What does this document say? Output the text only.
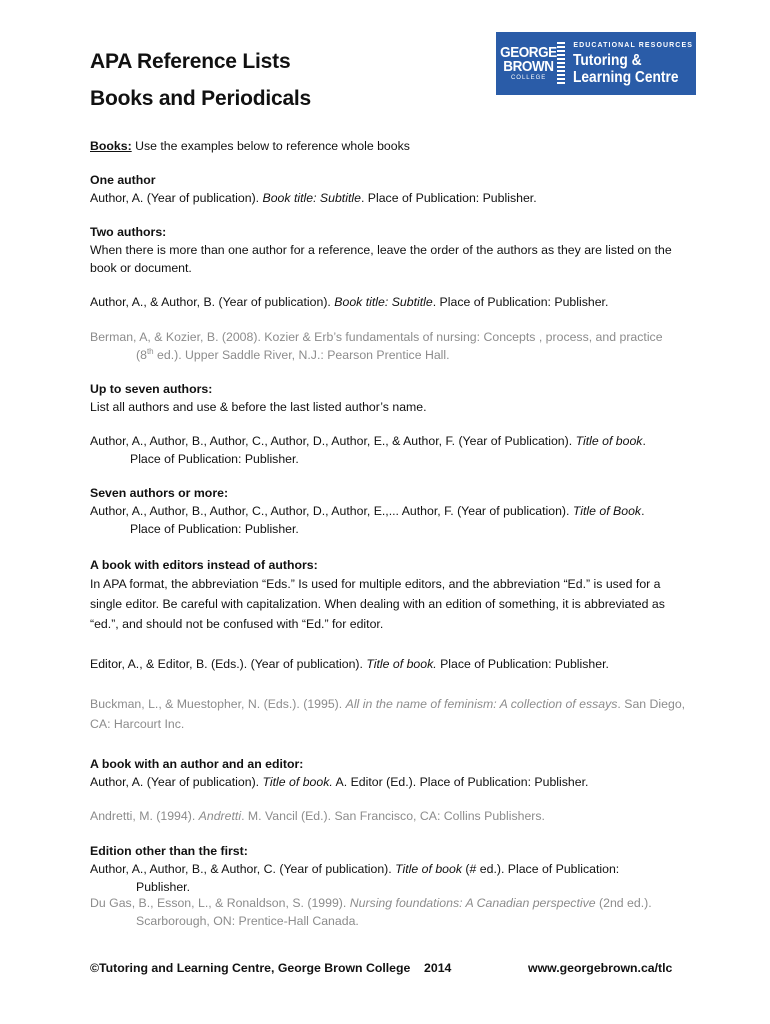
APA Reference Lists
Books and Periodicals
GEORGE
BROWN
COLLEGE
EDUCATIONAL RESOURCES
Tutoring &
Learning Centre

Books: Use the examples below to reference whole books

One author

Author, A. (Year of publication). Book title: Subtitle. Place of Publication: Publisher.

Two authors:

When there is more than one author for a reference, leave the order of the authors as they are listed on the book or document.

Author, A., & Author, B. (Year of publication). Book title: Subtitle. Place of Publication: Publisher.

Berman, A, & Kozier, B. (2008). Kozier & Erb’s fundamentals of nursing: Concepts , process, and practice

(8th ed.). Upper Saddle River, N.J.: Pearson Prentice Hall.

Up to seven authors:

List all authors and use & before the last listed author’s name.

Author, A., Author, B., Author, C., Author, D., Author, E., & Author, F. (Year of Publication). Title of book.

Place of Publication: Publisher.

Seven authors or more:

Author, A., Author, B., Author, C., Author, D., Author, E.,... Author, F. (Year of publication). Title of Book.

Place of Publication: Publisher.

A book with editors instead of authors:

In APA format, the abbreviation “Eds.” Is used for multiple editors, and the abbreviation “Ed.” is used for a single editor. Be careful with capitalization. When dealing with an edition of something, it is abbreviated as “ed.”, and should not be confused with “Ed.” for editor.

Editor, A., & Editor, B. (Eds.). (Year of publication). Title of book. Place of Publication: Publisher.

Buckman, L., & Muestopher, N. (Eds.). (1995). All in the name of feminism: A collection of essays. San Diego, CA: Harcourt Inc.

A book with an author and an editor:

Author, A. (Year of publication). Title of book. A. Editor (Ed.). Place of Publication: Publisher.

Andretti, M. (1994). Andretti. M. Vancil (Ed.). San Francisco, CA: Collins Publishers.

Edition other than the first:

Author, A., Author, B., & Author, C. (Year of publication). Title of book (# ed.). Place of Publication:

Publisher.

Du Gas, B., Esson, L., & Ronaldson, S. (1999). Nursing foundations: A Canadian perspective (2nd ed.).

Scarborough, ON: Prentice-Hall Canada.

©Tutoring and Learning Centre, George Brown College    2014	www.georgebrown.ca/tlc
